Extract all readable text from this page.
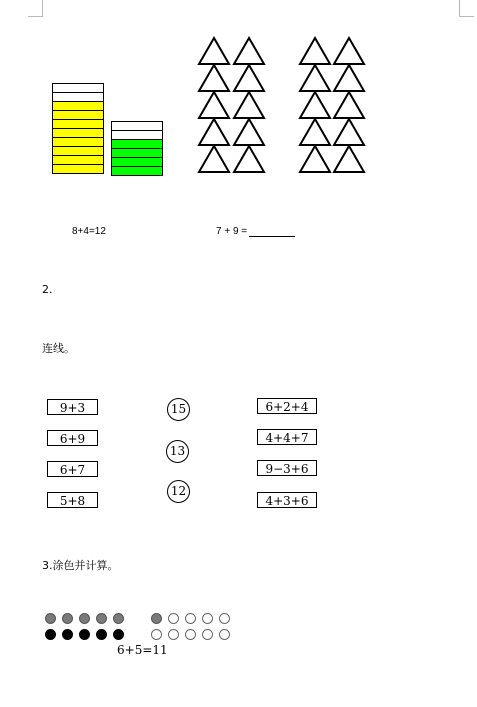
8+4=12	7 + 9 =
2.
连线。
9+3
6+9
6+7
5+8
15
13
12
6+2+4
4+4+7
9−3+6
4+3+6
3.涂色并计算。
6+5=11
